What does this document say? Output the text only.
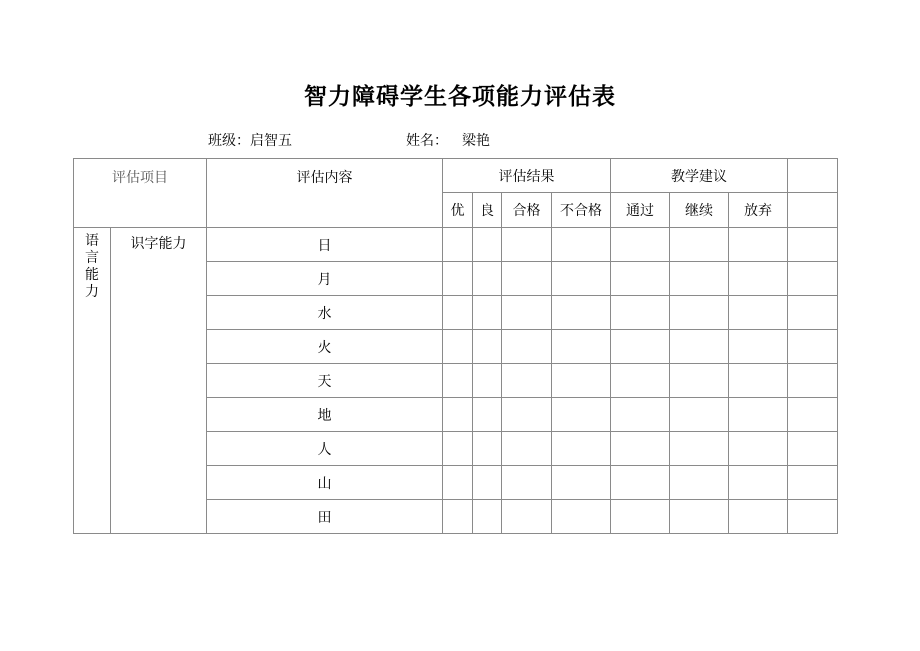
智力障碍学生各项能力评估表
班级：启智五	姓名： 梁艳
评估项目		评估内容	评估结果				教学建议			
			优	良	合格	不合格	通过	继续	放弃	

语言能力	识字能力	日								
		月								
		水								
		火								
		天								
		地								
		人								
		山								
		田								
